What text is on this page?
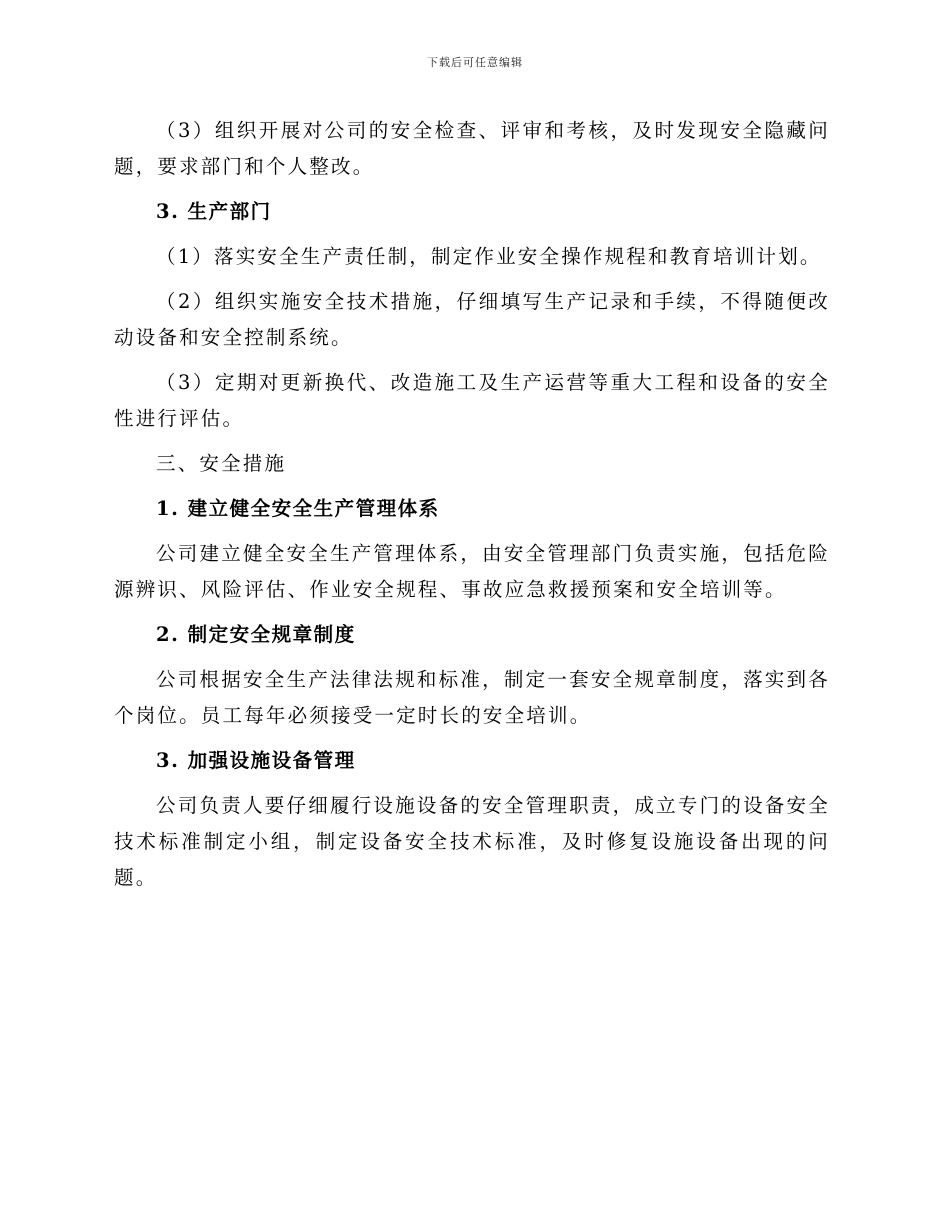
下载后可任意编辑

（3）组织开展对公司的安全检查、评审和考核，及时发现安全隐藏问题，要求部门和个人整改。

3. 生产部门

（1）落实安全生产责任制，制定作业安全操作规程和教育培训计划。

（2）组织实施安全技术措施，仔细填写生产记录和手续，不得随便改动设备和安全控制系统。

（3）定期对更新换代、改造施工及生产运营等重大工程和设备的安全性进行评估。

三、安全措施

1. 建立健全安全生产管理体系

公司建立健全安全生产管理体系，由安全管理部门负责实施，包括危险源辨识、风险评估、作业安全规程、事故应急救援预案和安全培训等。

2. 制定安全规章制度

公司根据安全生产法律法规和标准，制定一套安全规章制度，落实到各个岗位。员工每年必须接受一定时长的安全培训。

3. 加强设施设备管理

公司负责人要仔细履行设施设备的安全管理职责，成立专门的设备安全技术标准制定小组，制定设备安全技术标准，及时修复设施设备出现的问题。
